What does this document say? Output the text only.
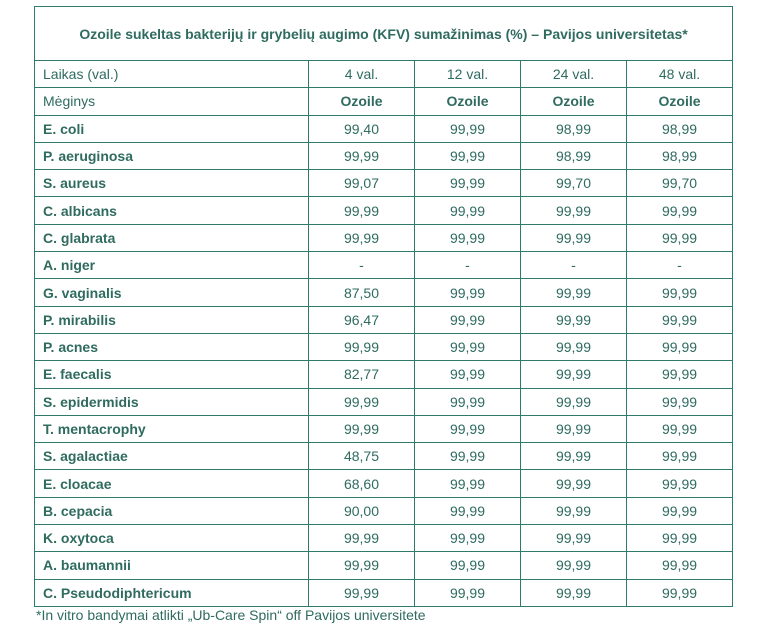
Ozoile sukeltas bakterijų ir grybelių augimo (KFV) sumažinimas (%) – Pavijos universitetas*				
Laikas (val.)	4 val.	12 val.	24 val.	48 val.
Mėginys	Ozoile	Ozoile	Ozoile	Ozoile
E. coli	99,40	99,99	98,99	98,99
P. aeruginosa	99,99	99,99	98,99	98,99
S. aureus	99,07	99,99	99,70	99,70
C. albicans	99,99	99,99	99,99	99,99
C. glabrata	99,99	99,99	99,99	99,99
A. niger	-	-	-	-
G. vaginalis	87,50	99,99	99,99	99,99
P. mirabilis	96,47	99,99	99,99	99,99
P. acnes	99,99	99,99	99,99	99,99
E. faecalis	82,77	99,99	99,99	99,99
S. epidermidis	99,99	99,99	99,99	99,99
T. mentacrophy	99,99	99,99	99,99	99,99
S. agalactiae	48,75	99,99	99,99	99,99
E. cloacae	68,60	99,99	99,99	99,99
B. cepacia	90,00	99,99	99,99	99,99
K. oxytoca	99,99	99,99	99,99	99,99
A. baumannii	99,99	99,99	99,99	99,99
C. Pseudodiphtericum	99,99	99,99	99,99	99,99
*In vitro bandymai atlikti „Ub-Care Spin“ off Pavijos universitete
